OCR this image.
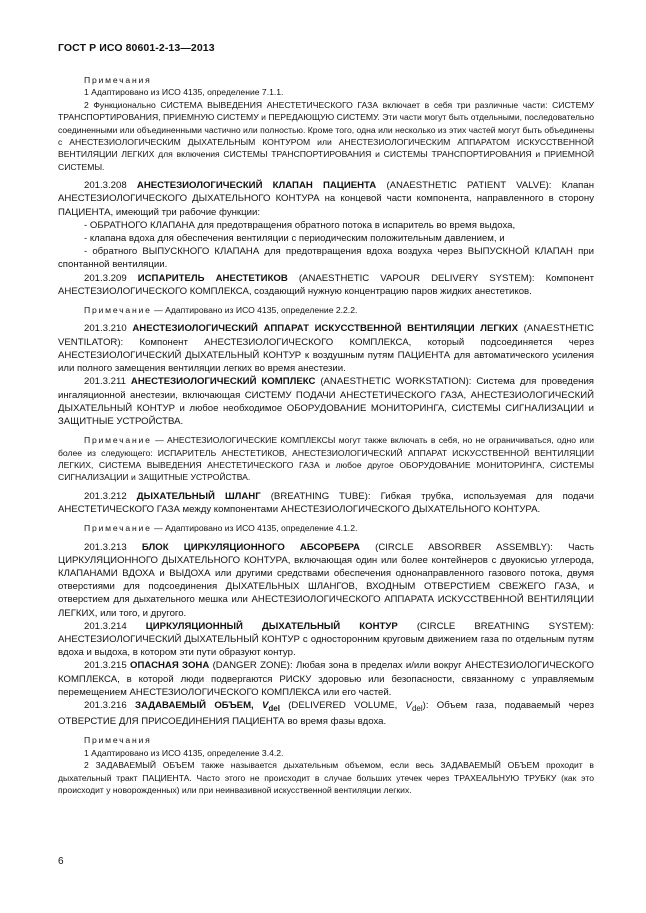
ГОСТ Р ИСО 80601-2-13—2013

Примечания

1 Адаптировано из ИСО 4135, определение 7.1.1.

2 Функционально СИСТЕМА ВЫВЕДЕНИЯ АНЕСТЕТИЧЕСКОГО ГАЗА включает в себя три различные части: СИСТЕМУ ТРАНСПОРТИРОВАНИЯ, ПРИЕМНУЮ СИСТЕМУ и ПЕРЕДАЮЩУЮ СИСТЕМУ. Эти части могут быть отдельными, последовательно соединенными или объединенными частично или полностью. Кроме того, одна или несколько из этих частей могут быть объединены с АНЕСТЕЗИОЛОГИЧЕСКИМ ДЫХАТЕЛЬНЫМ КОНТУРОМ или АНЕСТЕЗИОЛОГИЧЕСКИМ АППАРАТОМ ИСКУССТВЕННОЙ ВЕНТИЛЯЦИИ ЛЕГКИХ для включения СИСТЕМЫ ТРАНСПОРТИРОВАНИЯ и СИСТЕМЫ ТРАНСПОРТИРОВАНИЯ и ПРИЕМНОЙ СИСТЕМЫ.

201.3.208 АНЕСТЕЗИОЛОГИЧЕСКИЙ КЛАПАН ПАЦИЕНТА (ANAESTHETIC PATIENT VALVE): Клапан АНЕСТЕЗИОЛОГИЧЕСКОГО ДЫХАТЕЛЬНОГО КОНТУРА на концевой части компонента, направленного в сторону ПАЦИЕНТА, имеющий три рабочие функции:

- ОБРАТНОГО КЛАПАНА для предотвращения обратного потока в испаритель во время выдоха,

- клапана вдоха для обеспечения вентиляции с периодическим положительным давлением, и

- обратного ВЫПУСКНОГО КЛАПАНА для предотвращения вдоха воздуха через ВЫПУСКНОЙ КЛАПАН при спонтанной вентиляции.

201.3.209 ИСПАРИТЕЛЬ АНЕСТЕТИКОВ (ANAESTHETIC VAPOUR DELIVERY SYSTEM): Компонент АНЕСТЕЗИОЛОГИЧЕСКОГО КОМПЛЕКСА, создающий нужную концентрацию паров жидких анестетиков.

Примечание — Адаптировано из ИСО 4135, определение 2.2.2.

201.3.210 АНЕСТЕЗИОЛОГИЧЕСКИЙ АППАРАТ ИСКУССТВЕННОЙ ВЕНТИЛЯЦИИ ЛЕГКИХ (ANAESTHETIC VENTILATOR): Компонент АНЕСТЕЗИОЛОГИЧЕСКОГО КОМПЛЕКСА, который подсоединяется через АНЕСТЕЗИОЛОГИЧЕСКИЙ ДЫХАТЕЛЬНЫЙ КОНТУР к воздушным путям ПАЦИЕНТА для автоматического усиления или полного замещения вентиляции легких во время анестезии.

201.3.211 АНЕСТЕЗИОЛОГИЧЕСКИЙ КОМПЛЕКС (ANAESTHETIC WORKSTATION): Система для проведения ингаляционной анестезии, включающая СИСТЕМУ ПОДАЧИ АНЕСТЕТИЧЕСКОГО ГАЗА, АНЕСТЕЗИОЛОГИЧЕСКИЙ ДЫХАТЕЛЬНЫЙ КОНТУР и любое необходимое ОБОРУДОВАНИЕ МОНИТОРИНГА, СИСТЕМЫ СИГНАЛИЗАЦИИ и ЗАЩИТНЫЕ УСТРОЙСТВА.

Примечание — АНЕСТЕЗИОЛОГИЧЕСКИЕ КОМПЛЕКСЫ могут также включать в себя, но не ограничиваться, одно или более из следующего: ИСПАРИТЕЛЬ АНЕСТЕТИКОВ, АНЕСТЕЗИОЛОГИЧЕСКИЙ АППАРАТ ИСКУССТВЕННОЙ ВЕНТИЛЯЦИИ ЛЕГКИХ, СИСТЕМА ВЫВЕДЕНИЯ АНЕСТЕТИЧЕСКОГО ГАЗА и любое другое ОБОРУДОВАНИЕ МОНИТОРИНГА, СИСТЕМЫ СИГНАЛИЗАЦИИ и ЗАЩИТНЫЕ УСТРОЙСТВА.

201.3.212 ДЫХАТЕЛЬНЫЙ ШЛАНГ (BREATHING TUBE): Гибкая трубка, используемая для подачи АНЕСТЕТИЧЕСКОГО ГАЗА между компонентами АНЕСТЕЗИОЛОГИЧЕСКОГО ДЫХАТЕЛЬНОГО КОНТУРА.

Примечание — Адаптировано из ИСО 4135, определение 4.1.2.

201.3.213 БЛОК ЦИРКУЛЯЦИОННОГО АБСОРБЕРА (CIRCLE ABSORBER ASSEMBLY): Часть ЦИРКУЛЯЦИОННОГО ДЫХАТЕЛЬНОГО КОНТУРА, включающая один или более контейнеров с двуокисью углерода, КЛАПАНАМИ ВДОХА и ВЫДОХА или другими средствами обеспечения однонаправленного газового потока, двумя отверстиями для подсоединения ДЫХАТЕЛЬНЫХ ШЛАНГОВ, ВХОДНЫМ ОТВЕРСТИЕМ СВЕЖЕГО ГАЗА, и отверстием для дыхательного мешка или АНЕСТЕЗИОЛОГИЧЕСКОГО АППАРАТА ИСКУССТВЕННОЙ ВЕНТИЛЯЦИИ ЛЕГКИХ, или того, и другого.

201.3.214 ЦИРКУЛЯЦИОННЫЙ ДЫХАТЕЛЬНЫЙ КОНТУР (CIRCLE BREATHING SYSTEM): АНЕСТЕЗИОЛОГИЧЕСКИЙ ДЫХАТЕЛЬНЫЙ КОНТУР с односторонним круговым движением газа по отдельным путям вдоха и выдоха, в котором эти пути образуют контур.

201.3.215 ОПАСНАЯ ЗОНА (DANGER ZONE): Любая зона в пределах и/или вокруг АНЕСТЕЗИОЛОГИЧЕСКОГО КОМПЛЕКСА, в которой люди подвергаются РИСКУ здоровью или безопасности, связанному с управляемым перемещением АНЕСТЕЗИОЛОГИЧЕСКОГО КОМПЛЕКСА или его частей.

201.3.216 ЗАДАВАЕМЫЙ ОБЪЕМ, $V_{del}$ (DELIVERED VOLUME, $V_{del}$): Объем газа, подаваемый через ОТВЕРСТИЕ ДЛЯ ПРИСОЕДИНЕНИЯ ПАЦИЕНТА во время фазы вдоха.

Примечания

1 Адаптировано из ИСО 4135, определение 3.4.2.

2 ЗАДАВАЕМЫЙ ОБЪЕМ также называется дыхательным объемом, если весь ЗАДАВАЕМЫЙ ОБЪЕМ проходит в дыхательный тракт ПАЦИЕНТА. Часто этого не происходит в случае больших утечек через ТРАХЕАЛЬНУЮ ТРУБКУ (как это происходит у новорожденных) или при неинвазивной искусственной вентиляции легких.

6
